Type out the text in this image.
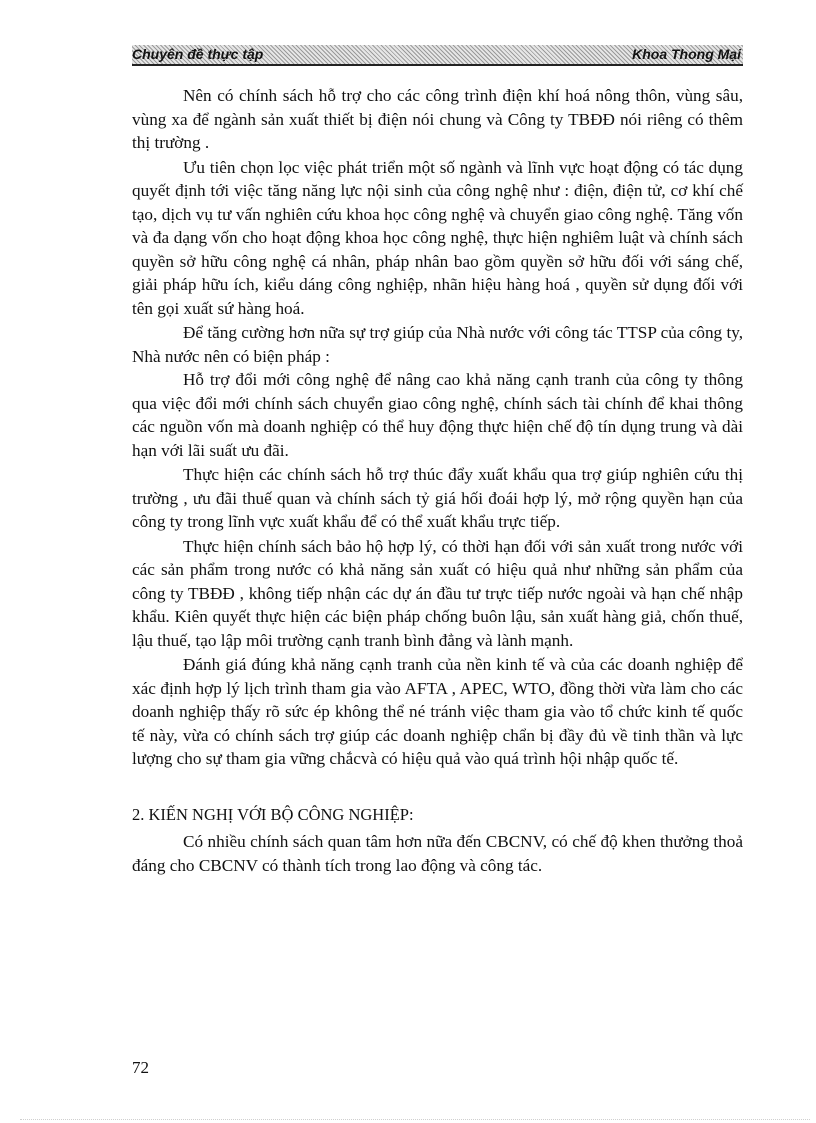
Chuyên đề thực tập	Khoa Thong Mại

Nên có chính sách hỗ trợ cho các công trình điện khí hoá nông thôn, vùng sâu, vùng xa để ngành sản xuất thiết bị điện nói chung và Công ty TBĐĐ nói riêng có thêm thị trường .

Ưu tiên chọn lọc việc phát triển một số ngành và lĩnh vực hoạt động có tác dụng quyết định tới việc tăng năng lực nội sinh của công nghệ như : điện, điện tử, cơ khí chế tạo, dịch vụ tư vấn nghiên cứu khoa học công nghệ và chuyển giao công nghệ. Tăng vốn và đa dạng vốn cho hoạt động khoa học công nghệ, thực hiện nghiêm luật và chính sách quyền sở hữu công nghệ cá nhân, pháp nhân bao gồm quyền sở hữu đối với sáng chế, giải pháp hữu ích, kiểu dáng công nghiệp, nhãn hiệu hàng hoá , quyền sử dụng đối với tên gọi xuất sứ hàng hoá.

Để tăng cường hơn nữa sự trợ giúp của Nhà nước với công tác TTSP của công ty, Nhà nước nên có biện pháp :

Hỗ trợ đổi mới công nghệ để nâng cao khả năng cạnh tranh của công ty thông qua việc đổi mới chính sách chuyển giao công nghệ, chính sách tài chính để khai thông các nguồn vốn mà doanh nghiệp có thể huy động thực hiện chế độ tín dụng trung và dài hạn với lãi suất ưu đãi.

Thực hiện các chính sách hỗ trợ thúc đẩy xuất khẩu qua trợ giúp nghiên cứu thị trường , ưu đãi thuế quan và chính sách tỷ giá hối đoái hợp lý, mở rộng quyền hạn của công ty trong lĩnh vực xuất khẩu để có thể xuất khẩu trực tiếp.

Thực hiện chính sách bảo hộ hợp lý, có thời hạn đối với sản xuất trong nước với các sản phẩm trong nước có khả năng sản xuất có hiệu quả như những sản phẩm của công ty TBĐĐ , không tiếp nhận các dự án đầu tư trực tiếp nước ngoài và hạn chế nhập khẩu. Kiên quyết thực hiện các biện pháp chống buôn lậu, sản xuất hàng giả, chốn thuế, lậu thuế, tạo lập môi trường cạnh tranh bình đẳng và lành mạnh.

Đánh giá đúng khả năng cạnh tranh của nền kinh tế và của các doanh nghiệp để xác định hợp lý lịch trình tham gia vào AFTA , APEC, WTO, đồng thời vừa làm cho các doanh nghiệp thấy rõ sức ép không thể né tránh việc tham gia vào tổ chức kinh tế quốc tế này, vừa có chính sách trợ giúp các doanh nghiệp chẩn bị đầy đủ về tinh thần và lực lượng cho sự tham gia vững chắcvà có hiệu quả vào quá trình hội nhập quốc tế.

2. KIẾN NGHỊ VỚI BỘ CÔNG NGHIỆP:

Có nhiều chính sách quan tâm hơn nữa đến CBCNV, có chế độ khen thưởng thoả đáng cho CBCNV có thành tích trong lao động và công tác.

72
